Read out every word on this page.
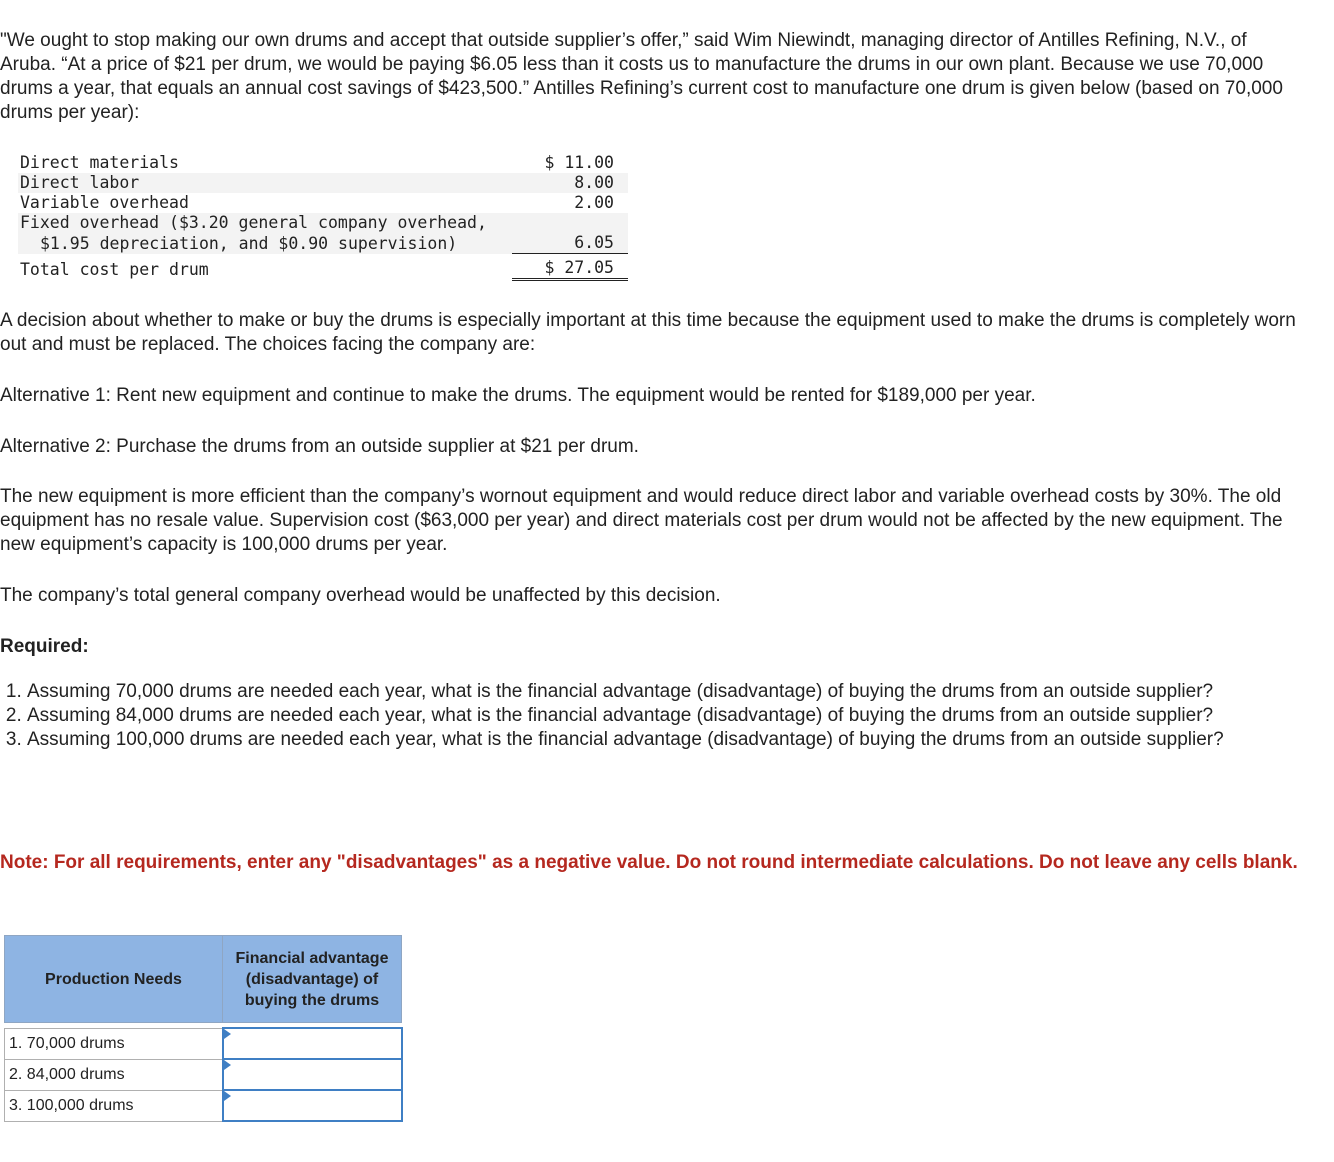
"We ought to stop making our own drums and accept that outside supplier’s offer,” said Wim Niewindt, managing director of Antilles Refining, N.V., of Aruba. “At a price of $21 per drum, we would be paying $6.05 less than it costs us to manufacture the drums in our own plant. Because we use 70,000 drums a year, that equals an annual cost savings of $423,500.” Antilles Refining’s current cost to manufacture one drum is given below (based on 70,000 drums per year):

Direct materials	$ 11.00
Direct labor	8.00
Variable overhead	2.00
Fixed overhead ($3.20 general company overhead,	
$1.95 depreciation, and $0.90 supervision)	6.05
Total cost per drum	$ 27.05

A decision about whether to make or buy the drums is especially important at this time because the equipment used to make the drums is completely worn out and must be replaced. The choices facing the company are:

Alternative 1: Rent new equipment and continue to make the drums. The equipment would be rented for $189,000 per year.

Alternative 2: Purchase the drums from an outside supplier at $21 per drum.

The new equipment is more efficient than the company’s wornout equipment and would reduce direct labor and variable overhead costs by 30%. The old equipment has no resale value. Supervision cost ($63,000 per year) and direct materials cost per drum would not be affected by the new equipment. The new equipment’s capacity is 100,000 drums per year.

The company’s total general company overhead would be unaffected by this decision.

Required:

1. Assuming 70,000 drums are needed each year, what is the financial advantage (disadvantage) of buying the drums from an outside supplier?
2. Assuming 84,000 drums are needed each year, what is the financial advantage (disadvantage) of buying the drums from an outside supplier?
3. Assuming 100,000 drums are needed each year, what is the financial advantage (disadvantage) of buying the drums from an outside supplier?

Note: For all requirements, enter any "disadvantages" as a negative value. Do not round intermediate calculations. Do not leave any cells blank.

Production Needs	Financial advantage (disadvantage) of buying the drums

1. 70,000 drums	

2. 84,000 drums	

3. 100,000 drums	
